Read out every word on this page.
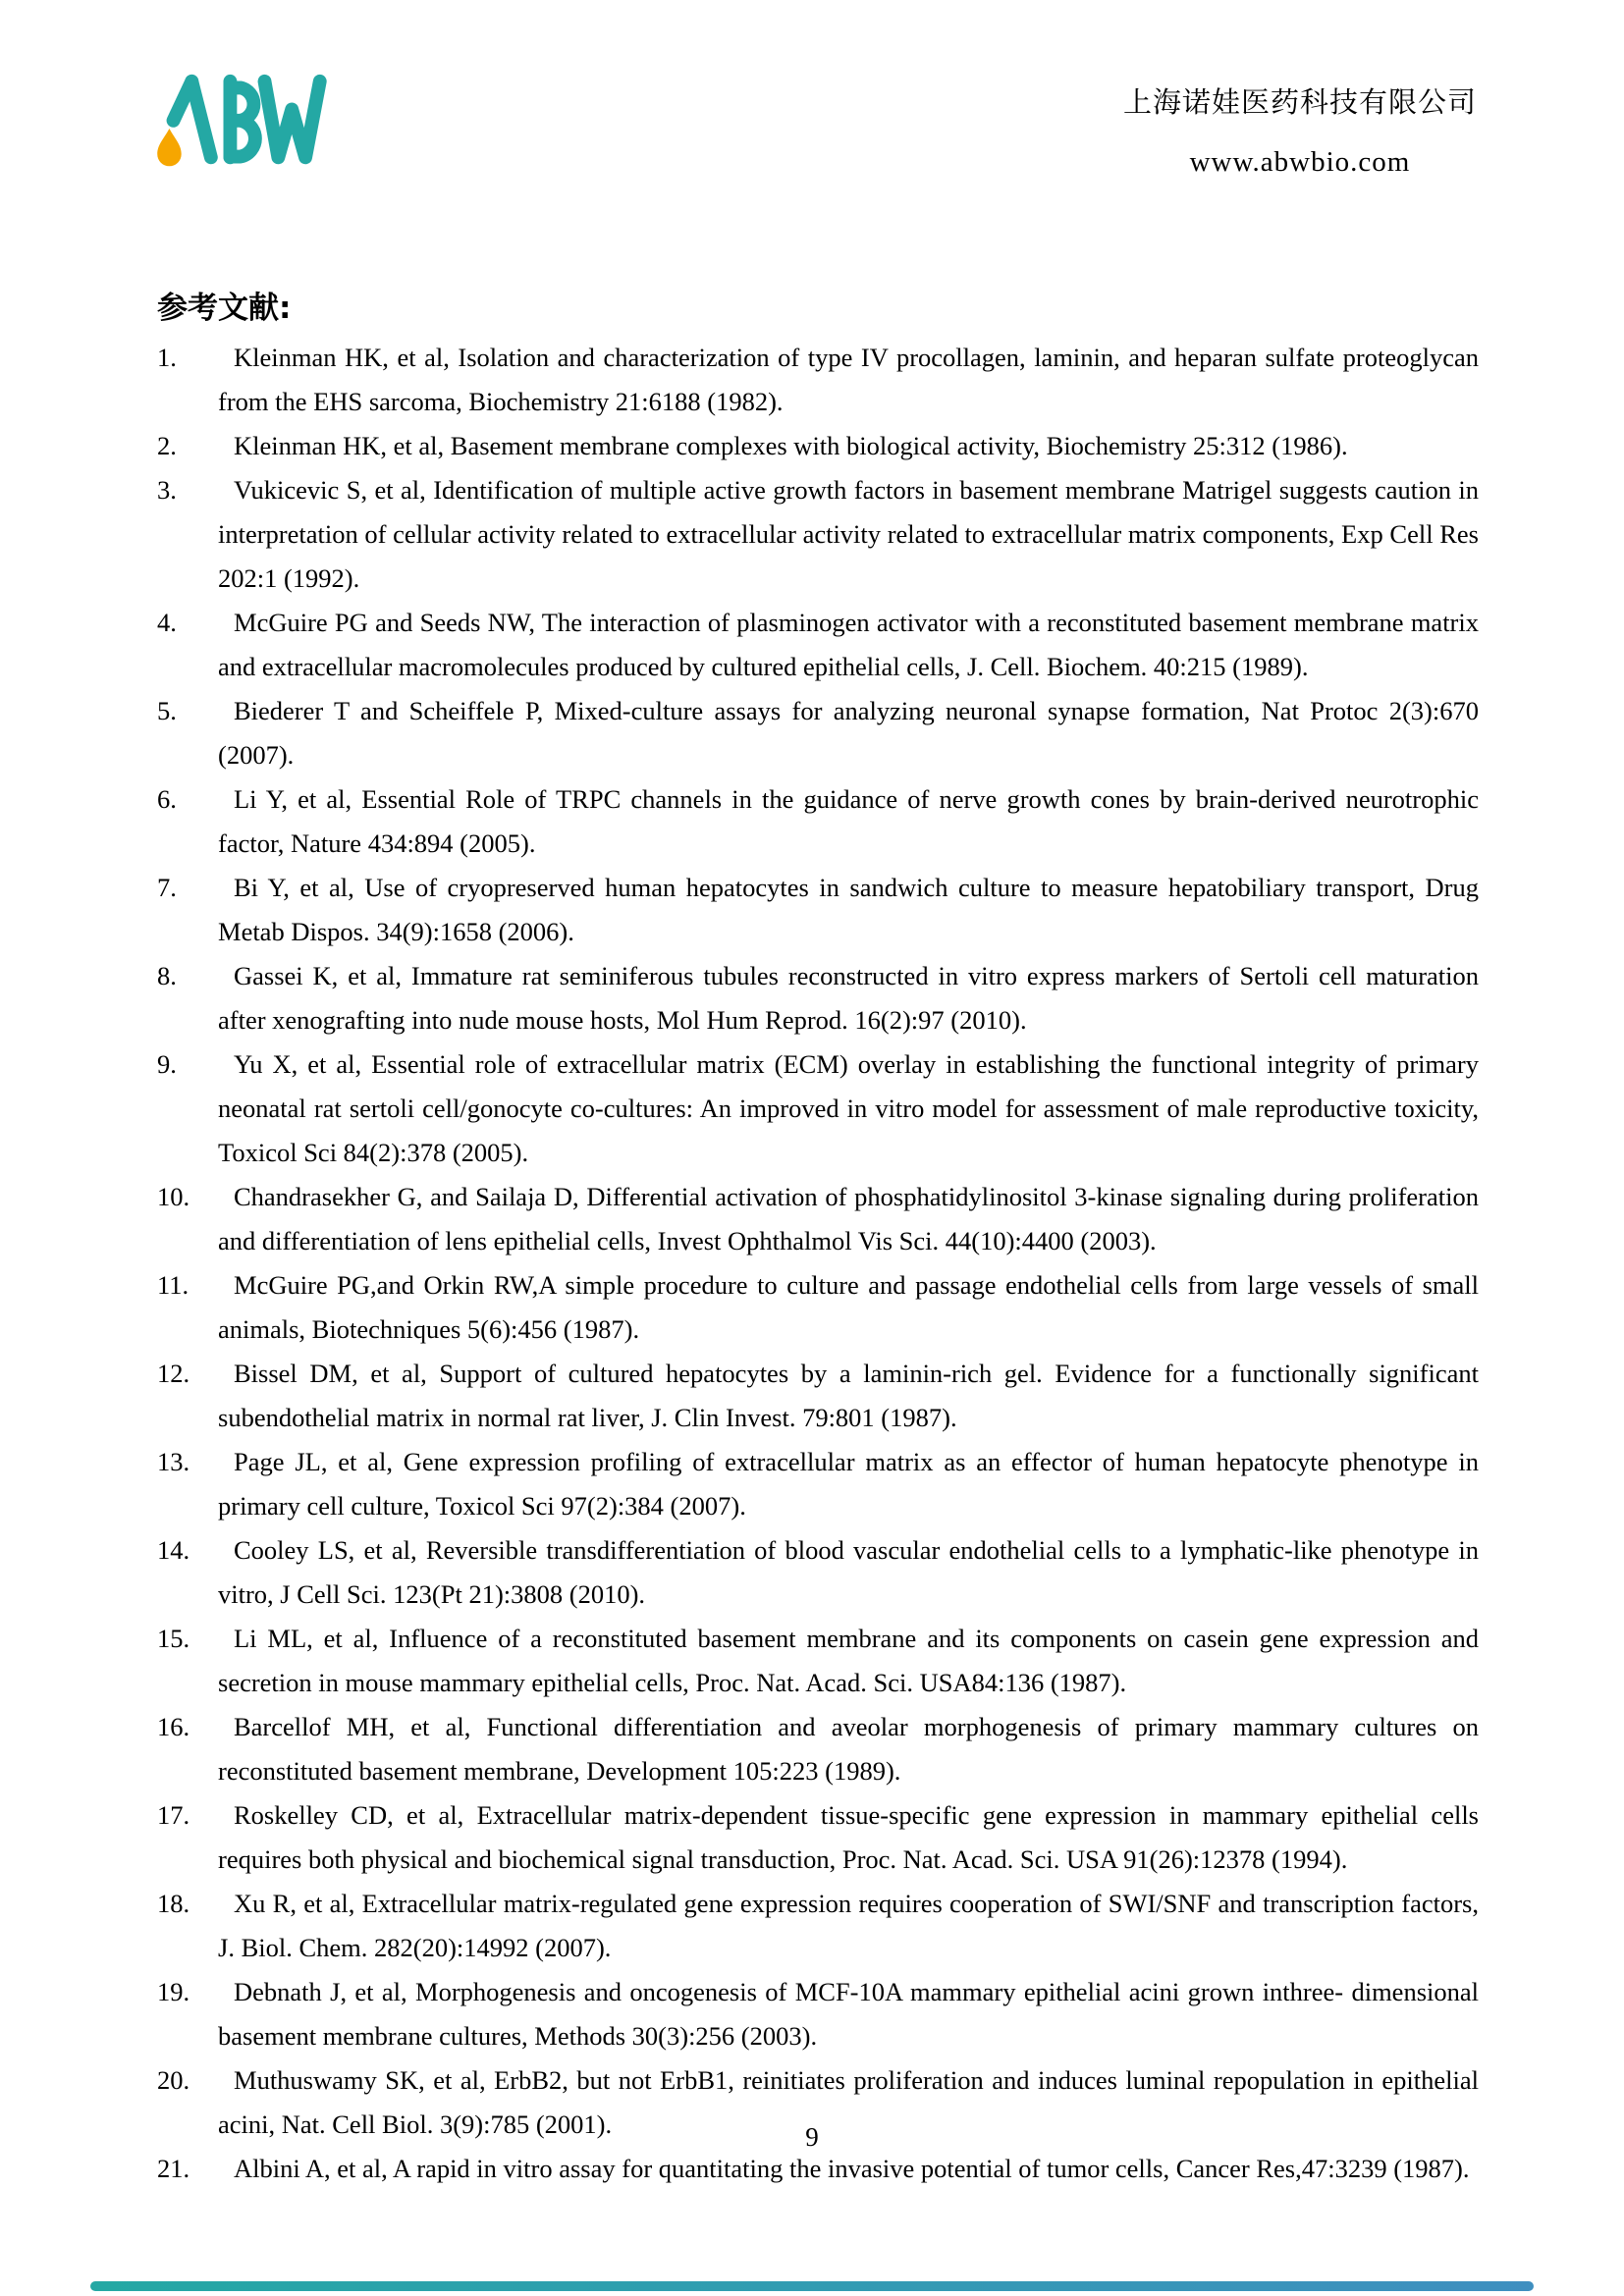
上海诺娃医药科技有限公司
www.abwbio.com
参考文献:
1. Kleinman HK, et al, Isolation and characterization of type IV procollagen, laminin, and heparan sulfate proteoglycan from the EHS sarcoma, Biochemistry 21:6188 (1982).
2. Kleinman HK, et al, Basement membrane complexes with biological activity, Biochemistry 25:312 (1986).
3. Vukicevic S, et al, Identification of multiple active growth factors in basement membrane Matrigel suggests caution in interpretation of cellular activity related to extracellular activity related to extracellular matrix components, Exp Cell Res 202:1 (1992).
4. McGuire PG and Seeds NW, The interaction of plasminogen activator with a reconstituted basement membrane matrix and extracellular macromolecules produced by cultured epithelial cells, J. Cell. Biochem. 40:215 (1989).
5. Biederer T and Scheiffele P, Mixed-culture assays for analyzing neuronal synapse formation, Nat Protoc 2(3):670 (2007).
6. Li Y, et al, Essential Role of TRPC channels in the guidance of nerve growth cones by brain-derived neurotrophic factor, Nature 434:894 (2005).
7. Bi Y, et al, Use of cryopreserved human hepatocytes in sandwich culture to measure hepatobiliary transport, Drug Metab Dispos. 34(9):1658 (2006).
8. Gassei K, et al, Immature rat seminiferous tubules reconstructed in vitro express markers of Sertoli cell maturation after xenografting into nude mouse hosts, Mol Hum Reprod. 16(2):97 (2010).
9. Yu X, et al, Essential role of extracellular matrix (ECM) overlay in establishing the functional integrity of primary neonatal rat sertoli cell/gonocyte co-cultures: An improved in vitro model for assessment of male reproductive toxicity, Toxicol Sci 84(2):378 (2005).
10. Chandrasekher G, and Sailaja D, Differential activation of phosphatidylinositol 3-kinase signaling during proliferation and differentiation of lens epithelial cells, Invest Ophthalmol Vis Sci. 44(10):4400 (2003).
11. McGuire PG,and Orkin RW,A simple procedure to culture and passage endothelial cells from large vessels of small animals, Biotechniques 5(6):456 (1987).
12. Bissel DM, et al, Support of cultured hepatocytes by a laminin-rich gel. Evidence for a functionally significant subendothelial matrix in normal rat liver, J. Clin Invest. 79:801 (1987).
13. Page JL, et al, Gene expression profiling of extracellular matrix as an effector of human hepatocyte phenotype in primary cell culture, Toxicol Sci 97(2):384 (2007).
14. Cooley LS, et al, Reversible transdifferentiation of blood vascular endothelial cells to a lymphatic-like phenotype in vitro, J Cell Sci. 123(Pt 21):3808 (2010).
15. Li ML, et al, Influence of a reconstituted basement membrane and its components on casein gene expression and secretion in mouse mammary epithelial cells, Proc. Nat. Acad. Sci. USA84:136 (1987).
16. Barcellof MH, et al, Functional differentiation and aveolar morphogenesis of primary mammary cultures on reconstituted basement membrane, Development 105:223 (1989).
17. Roskelley CD, et al, Extracellular matrix-dependent tissue-specific gene expression in mammary epithelial cells requires both physical and biochemical signal transduction, Proc. Nat. Acad. Sci. USA 91(26):12378 (1994).
18. Xu R, et al, Extracellular matrix-regulated gene expression requires cooperation of SWI/SNF and transcription factors, J. Biol. Chem. 282(20):14992 (2007).
19. Debnath J, et al, Morphogenesis and oncogenesis of MCF-10A mammary epithelial acini grown inthree- dimensional basement membrane cultures, Methods 30(3):256 (2003).
20. Muthuswamy SK, et al, ErbB2, but not ErbB1, reinitiates proliferation and induces luminal repopulation in epithelial acini, Nat. Cell Biol. 3(9):785 (2001).
21. Albini A, et al, A rapid in vitro assay for quantitating the invasive potential of tumor cells, Cancer Res,47:3239 (1987).
9
